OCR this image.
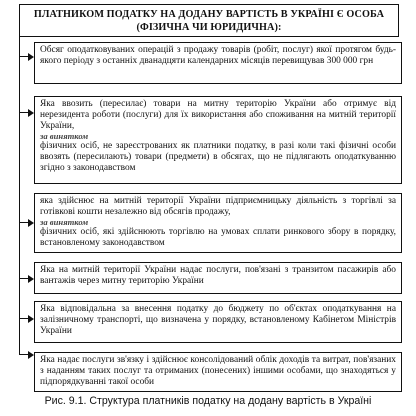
ПЛАТНИКОМ ПОДАТКУ НА ДОДАНУ ВАРТІСТЬ В УКРАЇНІ Є ОСОБА
(ФІЗИЧНА ЧИ ЮРИДИЧНА):

Обсяг оподатковуваних операцій з продажу товарів (робіт, послуг) якої протягом будь-якого періоду з останніх дванадцяти календарних місяців перевищував 300 000 грн

Яка ввозить (пересилає) товари на митну територію України або отримує від нерезидента роботи (послуги) для їх використання або споживання на митній території України,

за винятком

фізичних осіб, не зареєстрованих як платники податку, в разі коли такі фізичні особи ввозять (пересилають) товари (предмети) в обсягах, що не підлягають оподаткуванню згідно з законодавством

яка здійснює на митній території України підприємницьку діяльність з торгівлі за готівкові кошти незалежно від обсягів продажу,

за винятком

фізичних осіб, які здійснюють торгівлю на умовах сплати ринкового збору в порядку, встановленому законодавством

Яка на митній території України надає послуги, пов'язані з транзитом пасажирів або вантажів через митну територію України

Яка відповідальна за внесення податку до бюджету по об'єктах оподаткування на залізничному транспорті, що визначена у порядку, встановленому Кабінетом Міністрів України

Яка надає послуги зв'язку і здійснює консолідований облік доходів та витрат, пов'язаних з наданням таких послуг та отриманих (понесених) іншими особами, що знаходяться у підпорядкуванні такої особи

Рис. 9.1. Структура платників податку на додану вартість в Україні
